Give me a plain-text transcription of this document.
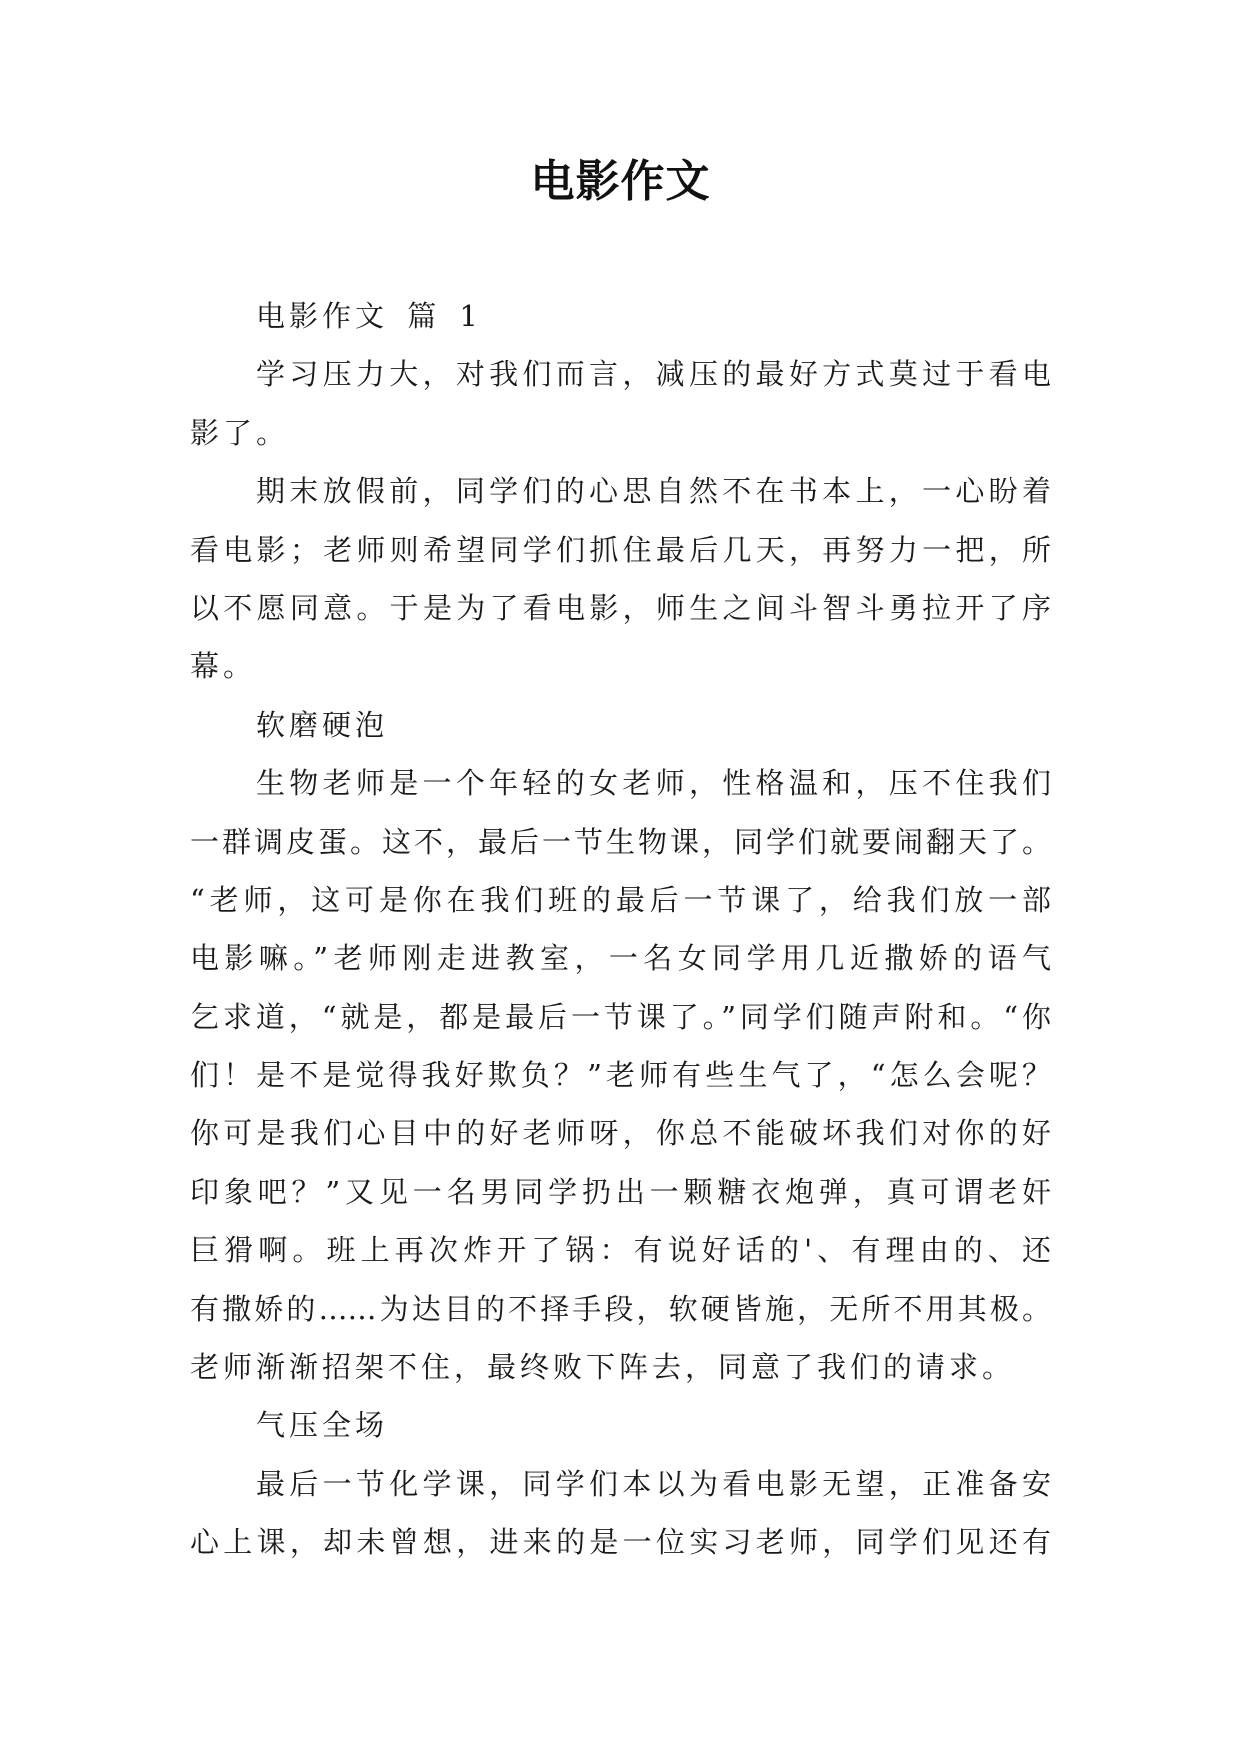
电影作文
电影作文 篇 1
学习压力大，对我们而言，减压的最好方式莫过于看电
影了。
期末放假前，同学们的心思自然不在书本上，一心盼着
看电影；老师则希望同学们抓住最后几天，再努力一把，所
以不愿同意。于是为了看电影，师生之间斗智斗勇拉开了序
幕。
软磨硬泡
生物老师是一个年轻的女老师，性格温和，压不住我们
一群调皮蛋。这不，最后一节生物课，同学们就要闹翻天了。
“老师，这可是你在我们班的最后一节课了，给我们放一部
电影嘛。”老师刚走进教室，一名女同学用几近撒娇的语气
乞求道，“就是，都是最后一节课了。”同学们随声附和。“你
们！是不是觉得我好欺负？”老师有些生气了，“怎么会呢？
你可是我们心目中的好老师呀，你总不能破坏我们对你的好
印象吧？”又见一名男同学扔出一颗糖衣炮弹，真可谓老奸
巨猾啊。班上再次炸开了锅：有说好话的'、有理由的、还
有撒娇的……为达目的不择手段，软硬皆施，无所不用其极。
老师渐渐招架不住，最终败下阵去，同意了我们的请求。
气压全场
最后一节化学课，同学们本以为看电影无望，正准备安
心上课，却未曾想，进来的是一位实习老师，同学们见还有
